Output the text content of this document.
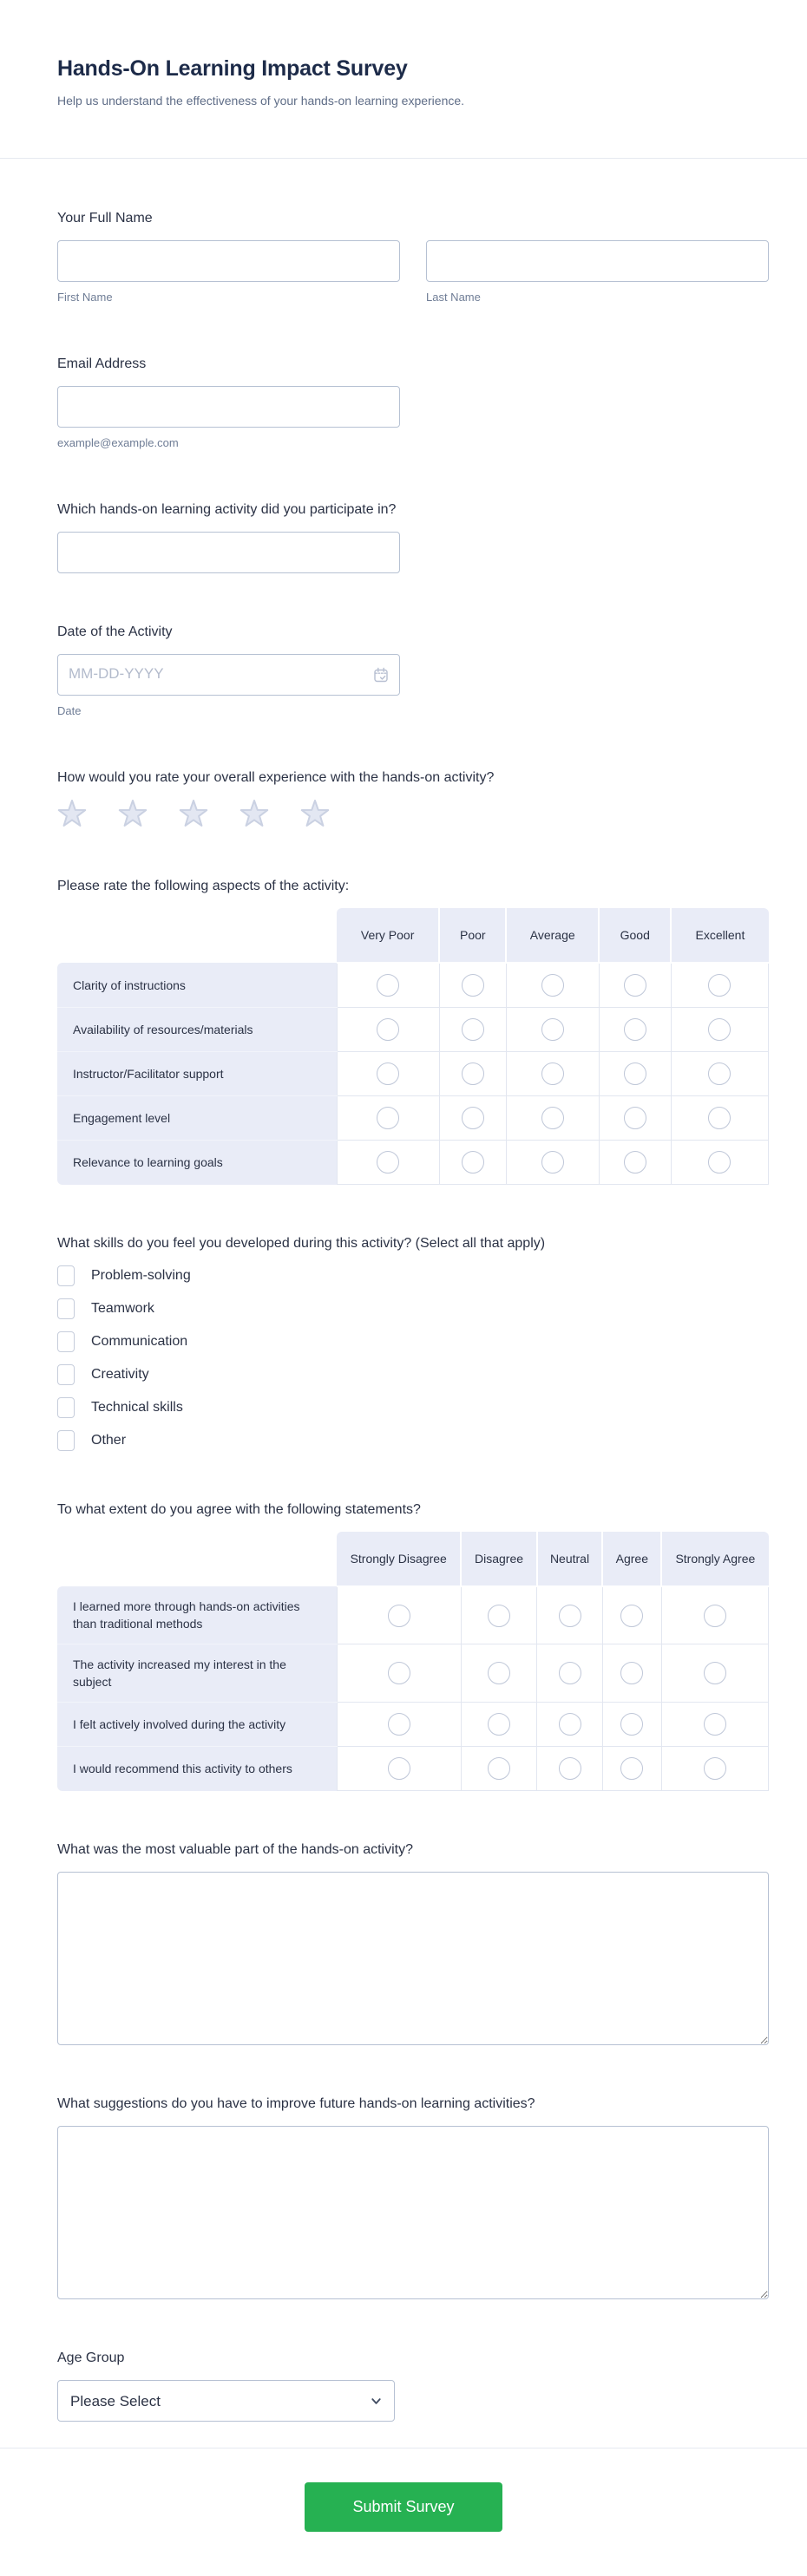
Hands-On Learning Impact Survey

Help us understand the effectiveness of your hands-on learning experience.

Your Full Name
First Name	Last Name
Email Address
example@example.com
Which hands-on learning activity did you participate in?
Date of the Activity
MM-DD-YYYY
Date
How would you rate your overall experience with the hands-on activity?
Please rate the following aspects of the activity:
	Very Poor	Poor	Average	Good	Excellent
Clarity of instructions					
Availability of resources/materials					
Instructor/Facilitator support					
Engagement level					
Relevance to learning goals					
What skills do you feel you developed during this activity? (Select all that apply)
Problem-solving
Teamwork
Communication
Creativity
Technical skills
Other
To what extent do you agree with the following statements?
	Strongly Disagree	Disagree	Neutral	Agree	Strongly Agree
I learned more through hands-on activities than traditional methods					
The activity increased my interest in the subject					
I felt actively involved during the activity					
I would recommend this activity to others					
What was the most valuable part of the hands-on activity?
What suggestions do you have to improve future hands-on learning activities?
Age Group
Please Select
Submit Survey
